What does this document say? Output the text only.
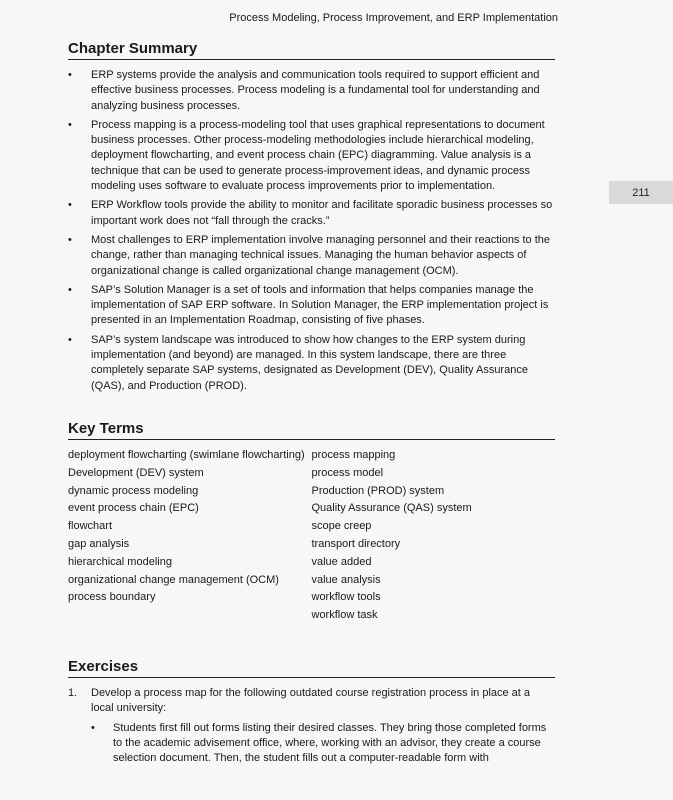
Process Modeling, Process Improvement, and ERP Implementation
211
Chapter Summary
• ERP systems provide the analysis and communication tools required to support efficient and effective business processes. Process modeling is a fundamental tool for understanding and analyzing business processes.
• Process mapping is a process-modeling tool that uses graphical representations to document business processes. Other process-modeling methodologies include hierarchical modeling, deployment flowcharting, and event process chain (EPC) diagramming. Value analysis is a technique that can be used to generate process-improvement ideas, and dynamic process modeling uses software to evaluate process improvements prior to implementation.
• ERP Workflow tools provide the ability to monitor and facilitate sporadic business processes so important work does not “fall through the cracks.”
• Most challenges to ERP implementation involve managing personnel and their reactions to the change, rather than managing technical issues. Managing the human behavior aspects of organizational change is called organizational change management (OCM).
• SAP’s Solution Manager is a set of tools and information that helps companies manage the implementation of SAP ERP software. In Solution Manager, the ERP implementation project is presented in an Implementation Roadmap, consisting of five phases.
• SAP’s system landscape was introduced to show how changes to the ERP system during implementation (and beyond) are managed. In this system landscape, there are three completely separate SAP systems, designated as Development (DEV), Quality Assurance (QAS), and Production (PROD).
Key Terms
deployment flowcharting (swimlane flowcharting)
Development (DEV) system
dynamic process modeling
event process chain (EPC)
flowchart
gap analysis
hierarchical modeling
organizational change management (OCM)
process boundary
process mapping
process model
Production (PROD) system
Quality Assurance (QAS) system
scope creep
transport directory
value added
value analysis
workflow tools
workflow task
Exercises
1. Develop a process map for the following outdated course registration process in place at a local university:
• Students first fill out forms listing their desired classes. They bring those completed forms to the academic advisement office, where, working with an advisor, they create a course selection document. Then, the student fills out a computer-readable form with
